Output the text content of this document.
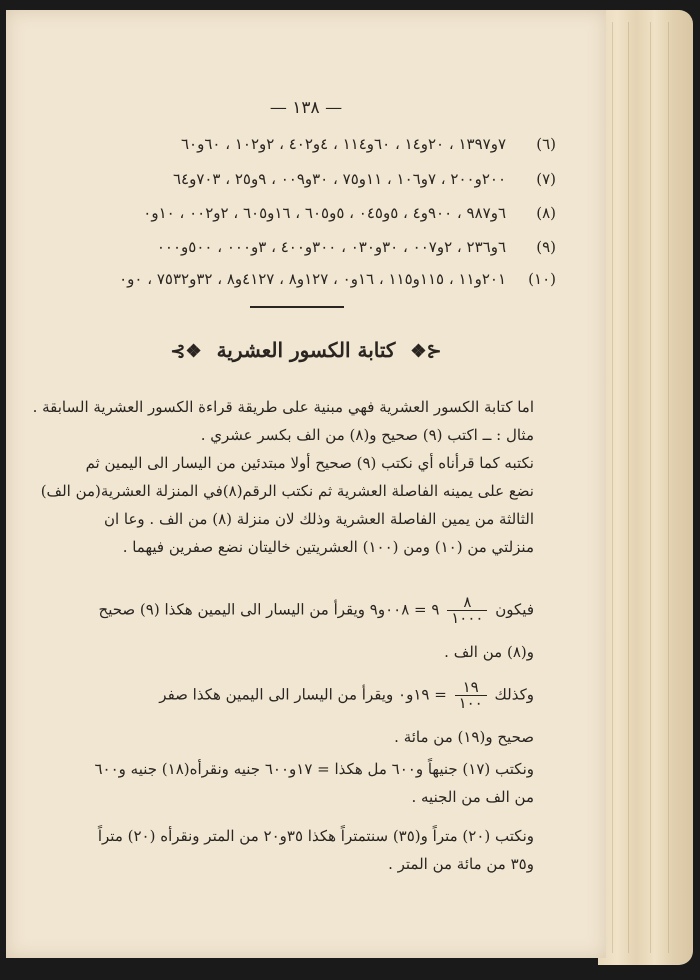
— ١٣٨ —
(٦)
٧و١٣٩٧ ، ٢٠و١٤ ، ٦٠و١١٤ ، ٤و٤٠٢ ، ٢و١٠٢ ، ٦٠و٦٠
(٧)
٢٠٠و٢٠٠ ، ٧و١٠٦ ، ١١و٧٥ ، ٣٠و٠٠٩ ، ٩و٢٥ ، ٧٠٣و٦٤
(٨)
٦و٩٨٧ ، ٩٠٠و٤ ، ٥و٠٤٥ ، ٥و٦٠٥ ، ١٦و٦٠٥ ، ٢و٠٠٢ ، ١٠و٠
(٩)
٦و٢٣٦ ، ٢و٠٠٧ ، ٣٠و٠٣٠ ، ٣٠٠و٤٠٠ ، ٣و٠٠٠ ، ٥٠٠و٠٠٠
(١٠)
٢٠١و١١ ، ١١٥و١١٥ ، ١٦و٠ ، ١٢٧و٨ ، ٤١٢٧و٨ ، ٣٢و٧٥٣٢ ، ٠و٠
⊰❖ كتابة الكسور العشرية ❖⊱
اما كتابة الكسور العشرية فهي مبنية على طريقة قراءة الكسور العشرية السابقة .
مثال : ــ اكتب (٩) صحيح و(٨) من الف بكسر عشري .
نكتبه كما قرأناه أي نكتب (٩) صحيح أولا مبتدئين من اليسار الى اليمين ثم
نضع على يمينه الفاصلة العشرية ثم نكتب الرقم(٨)في المنزلة العشرية(من الف)
الثالثة من يمين الفاصلة العشرية وذلك لان منزلة (٨) من الف . وعا ان
منزلتي من (١٠) ومن (١٠٠) العشريتين خاليتان نضع صفرين فيهما .
فيكون
$\frac{٨}{١٠٠٠}$
٩ = ٠٠٨و٩ ويقرأ من اليسار الى اليمين هكذا (٩) صحيح
و(٨) من الف .
وكذلك
$\frac{١٩}{١٠٠}$
= ١٩و٠ ويقرأ من اليسار الى اليمين هكذا صفر
صحيح و(١٩) من مائة .
ونكتب (١٧) جنيهاً و٦٠٠ مل هكذا = ١٧و٦٠٠ جنيه ونقرأه(١٨) جنيه و٦٠٠
من الف من الجنيه .
ونكتب (٢٠) متراً و(٣٥) سنتمتراً هكذا ٣٥و٢٠ من المتر ونقرأه (٢٠) متراً
و٣٥ من مائة من المتر .
